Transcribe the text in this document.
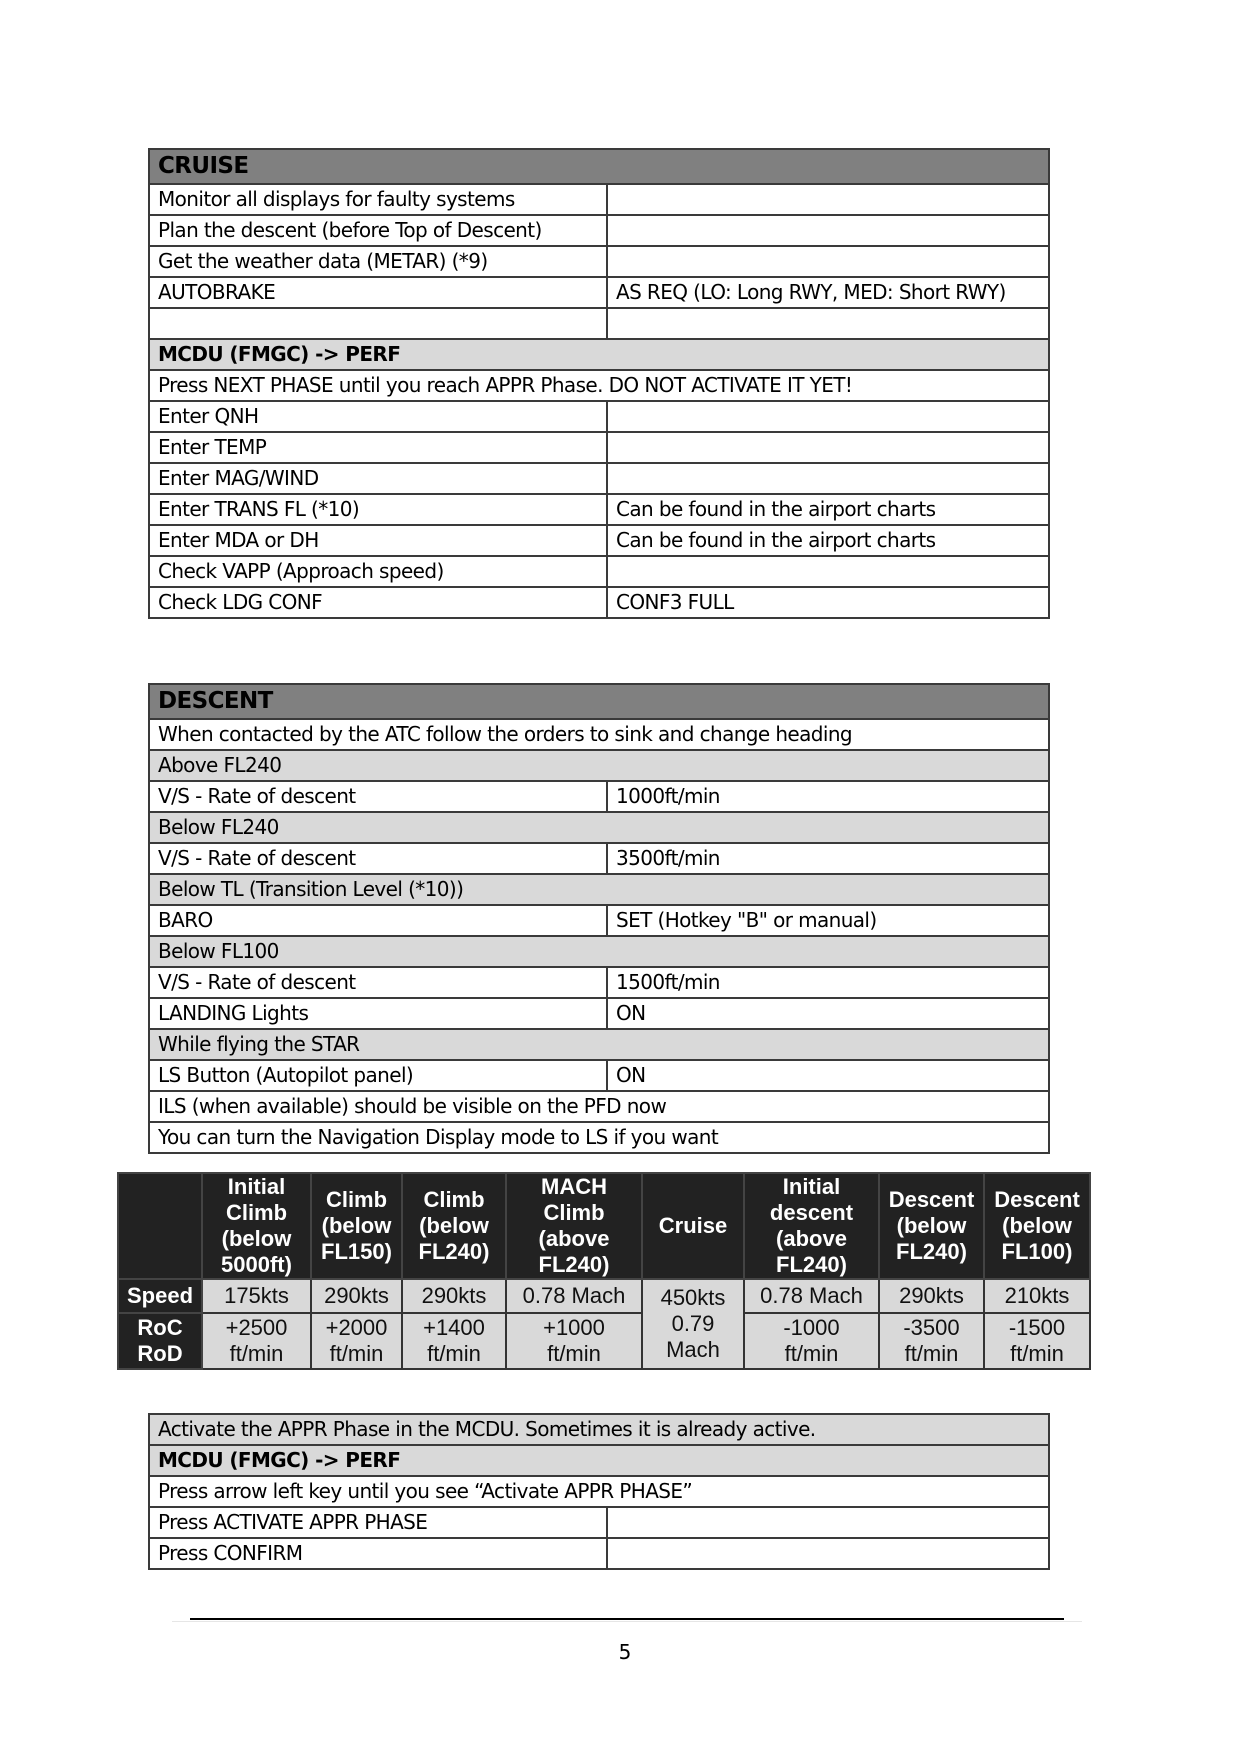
CRUISE	
Monitor all displays for faulty systems	
Plan the descent (before Top of Descent)	
Get the weather data (METAR) (*9)	
AUTOBRAKE	AS REQ (LO: Long RWY, MED: Short RWY)

MCDU (FMGC) -> PERF	
Press NEXT PHASE until you reach APPR Phase. DO NOT ACTIVATE IT YET!	
Enter QNH	
Enter TEMP	
Enter MAG/WIND	
Enter TRANS FL (*10)	Can be found in the airport charts
Enter MDA or DH	Can be found in the airport charts
Check VAPP (Approach speed)	
Check LDG CONF	CONF3 FULL
DESCENT	
When contacted by the ATC follow the orders to sink and change heading	
Above FL240	
V/S - Rate of descent	1000ft/min
Below FL240	
V/S - Rate of descent	3500ft/min
Below TL (Transition Level (*10))	
BARO	SET (Hotkey "B" or manual)
Below FL100	
V/S - Rate of descent	1500ft/min
LANDING Lights	ON
While flying the STAR	
LS Button (Autopilot panel)	ON
ILS (when available) should be visible on the PFD now	
You can turn the Navigation Display mode to LS if you want	

	Initial
Climb
(below
5000ft)	Climb
(below
FL150)	Climb
(below
FL240)	MACH
Climb
(above
FL240)	Cruise	Initial
descent
(above
FL240)	Descent
(below
FL240)	Descent
(below
FL100)

Speed	175kts	290kts	290kts	0.78 Mach	450kts
0.79
Mach	0.78 Mach	290kts	210kts

RoC
RoD	+2500
ft/min	+2000
ft/min	+1400
ft/min	+1000
ft/min		-1000
ft/min	-3500
ft/min	-1500
ft/min
Activate the APPR Phase in the MCDU. Sometimes it is already active.	
MCDU (FMGC) -> PERF	
Press arrow left key until you see “Activate APPR PHASE”	
Press ACTIVATE APPR PHASE	
Press CONFIRM	
5
